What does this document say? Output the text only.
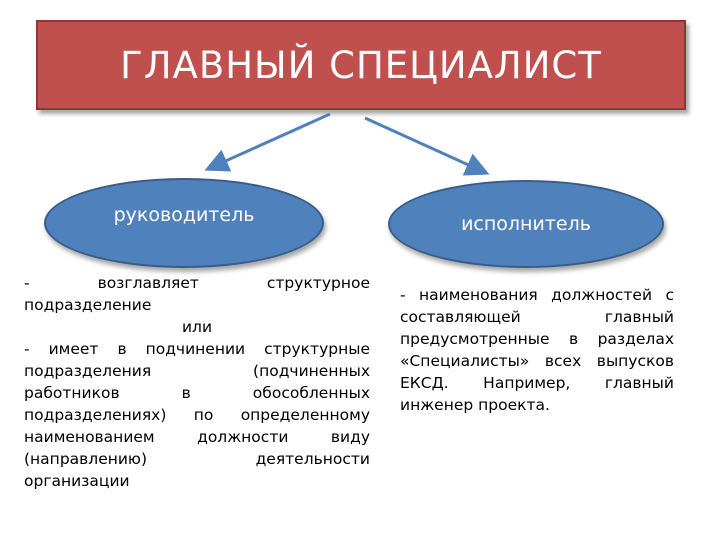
ГЛАВНЫЙ СПЕЦИАЛИСТ
руководитель	исполнитель

- возглавляет структурное

подразделение

или

- имеет в подчинении структурные

подразделения (подчиненных

работников в обособленных

подразделениях) по определенному

наименованием должности виду

(направлению) деятельности

организации

- наименования должностей с составляющей главный предусмотренные в разделах «Специалисты» всех выпусков ЕКСД. Например, главный инженер проекта.
